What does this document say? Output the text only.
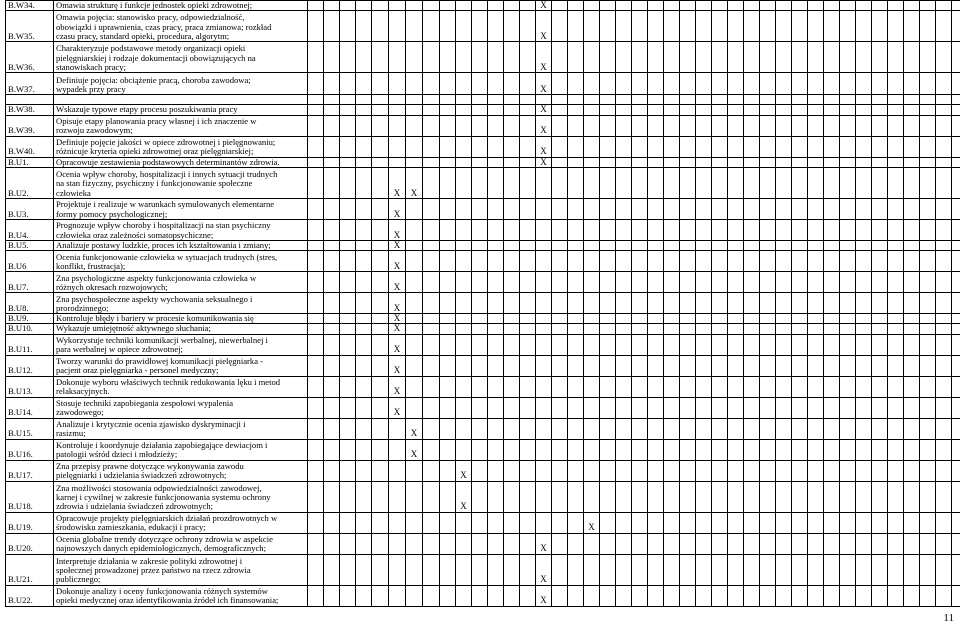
B.W34.	Omawia strukturę i funkcje jednostek opieki zdrowotnej;															X																													
B.W35.	Omawia pojęcia: stanowisko pracy, odpowiedzialność,
obowiązki i uprawnienia, czas pracy, praca zmianowa; rozkład
czasu pracy, standard opieki, procedura, algorytm;															X																													
B.W36.	Charakteryzuje podstawowe metody organizacji opieki
pielęgniarskiej i rodzaje dokumentacji obowiązujących na
stanowiskach pracy;															X																													
B.W37.	Definiuje pojęcia: obciążenie pracą, choroba zawodowa;
wypadek przy pracy															X																													

B.W38.	Wskazuje typowe etapy procesu poszukiwania pracy															X																													
B.W39.	Opisuje etapy planowania pracy własnej i ich znaczenie w
rozwoju zawodowym;															X																													
B.W40.	Definiuje pojęcie jakości w opiece zdrowotnej i pielęgnowaniu;
różnicuje kryteria opieki zdrowotnej oraz pielęgniarskiej;															X																													
B.U1.	Opracowuje zestawienia podstawowych determinantów zdrowia.															X																													
B.U2.	Ocenia wpływ choroby, hospitalizacji i innych sytuacji trudnych
na stan fizyczny, psychiczny i funkcjonowanie społeczne
człowieka						X	X																																					
B.U3.	Projektuje i realizuje w warunkach symulowanych elementarne
formy pomocy psychologicznej;						X																																						
B.U4.	Prognozuje wpływ choroby i hospitalizacji na stan psychiczny
człowieka oraz zależności somatopsychiczne;						X																																						
B.U5.	Analizuje postawy ludzkie, proces ich kształtowania i zmiany;						X																																						
B.U6	Ocenia funkcjonowanie człowieka w sytuacjach trudnych (stres,
konflikt, frustracja);						X																																						
B.U7.	Zna psychologiczne aspekty funkcjonowania człowieka w
różnych okresach rozwojowych;						X																																						
B.U8.	Zna psychospołeczne aspekty wychowania seksualnego i
prorodzinnego;						X																																						
B.U9.	Kontroluje błędy i bariery w procesie komunikowania się						X																																						
B.U10.	Wykazuje umiejętność aktywnego słuchania;						X																																						
B.U11.	Wykorzystuje techniki komunikacji werbalnej, niewerbalnej i
para werbalnej w opiece zdrowotnej;						X																																						
B.U12.	Tworzy warunki do prawidłowej komunikacji pielęgniarka -
pacjent oraz pielęgniarka - personel medyczny;						X																																						
B.U13.	Dokonuje wyboru właściwych technik redukowania lęku i metod
relaksacyjnych.						X																																						
B.U14.	Stosuje techniki zapobiegania zespołowi wypalenia
zawodowego;						X																																						
B.U15.	Analizuje i krytycznie ocenia zjawisko dyskryminacji i
rasizmu;							X																																					
B.U16.	Kontroluje i koordynuje działania zapobiegające dewiacjom i
patologii wśród dzieci i młodzieży;							X																																					
B.U17.	Zna przepisy prawne dotyczące wykonywania zawodu
pielęgniarki i udzielania świadczeń zdrowotnych;										X																																		
B.U18.	Zna możliwości stosowania odpowiedzialności zawodowej,
karnej i cywilnej w zakresie funkcjonowania systemu ochrony
zdrowia i udzielania świadczeń zdrowotnych;										X																																		
B.U19.	Opracowuje projekty pielęgniarskich działań prozdrowotnych w
środowisku zamieszkania, edukacji i pracy;																		X																										
B.U20.	Ocenia globalne trendy dotyczące ochrony zdrowia w aspekcie
najnowszych danych epidemiologicznych, demograficznych;															X																													
B.U21.	Interpretuje działania w zakresie polityki zdrowotnej i
społecznej prowadzonej przez państwo na rzecz zdrowia
publicznego;															X																													
B.U22.	Dokonuje analizy i oceny funkcjonowania różnych systemów
opieki medycznej oraz identyfikowania źródeł ich finansowania;															X																													
11
